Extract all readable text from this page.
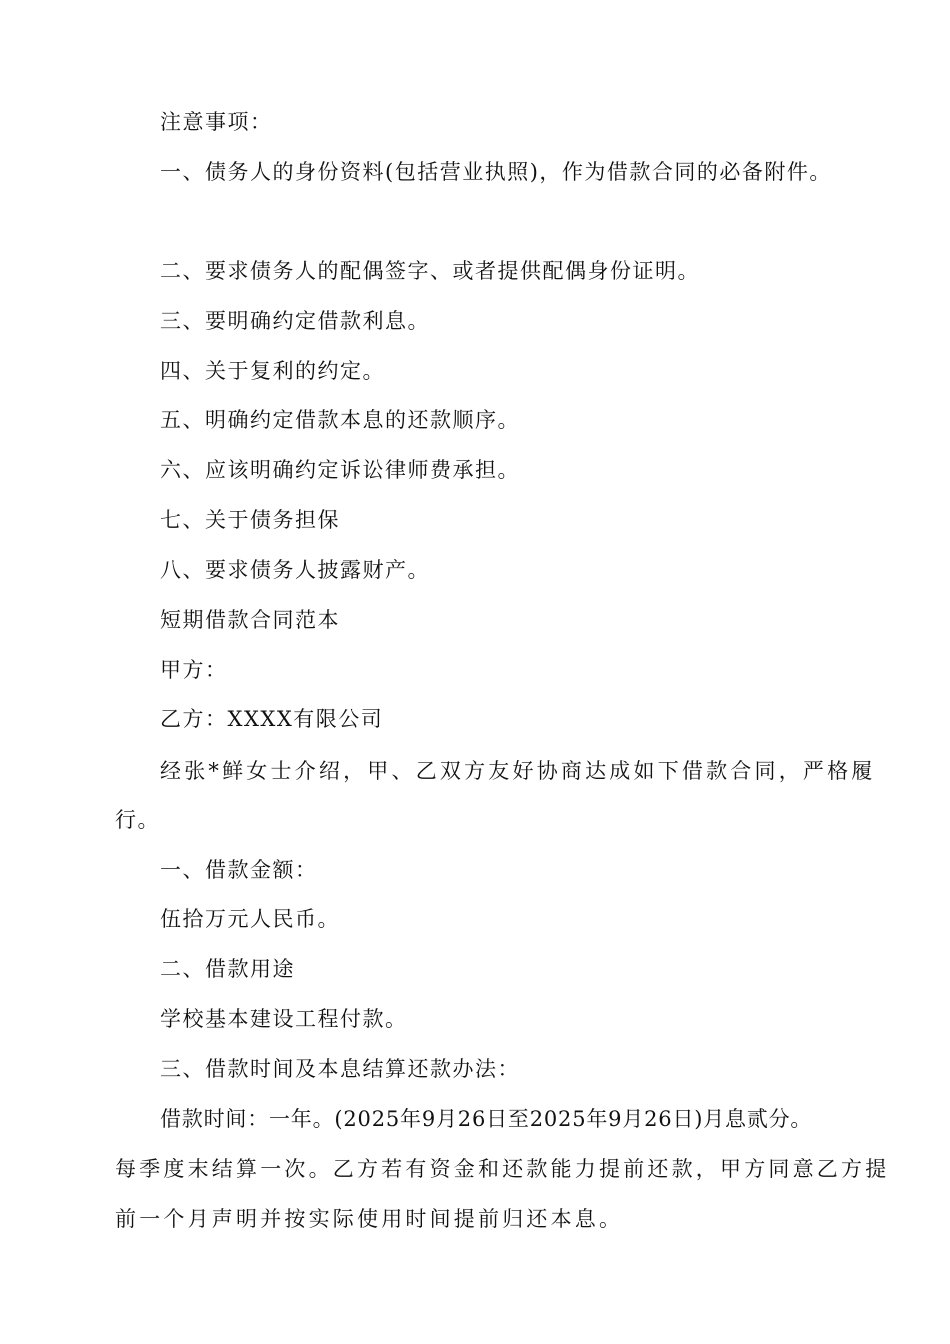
注意事项：
一、债务人的身份资料(包括营业执照)，作为借款合同的必备附件。
二、要求债务人的配偶签字、或者提供配偶身份证明。
三、要明确约定借款利息。
四、关于复利的约定。
五、明确约定借款本息的还款顺序。
六、应该明确约定诉讼律师费承担。
七、关于债务担保
八、要求债务人披露财产。
短期借款合同范本
甲方：
乙方：XXXX有限公司
经张*鲜女士介绍，甲、乙双方友好协商达成如下借款合同，严格履
行。
一、借款金额：
伍拾万元人民币。
二、借款用途
学校基本建设工程付款。
三、借款时间及本息结算还款办法：
借款时间：一年。(2025年9月26日至2025年9月26日)月息贰分。
每季度末结算一次。乙方若有资金和还款能力提前还款，甲方同意乙方提
前一个月声明并按实际使用时间提前归还本息。
